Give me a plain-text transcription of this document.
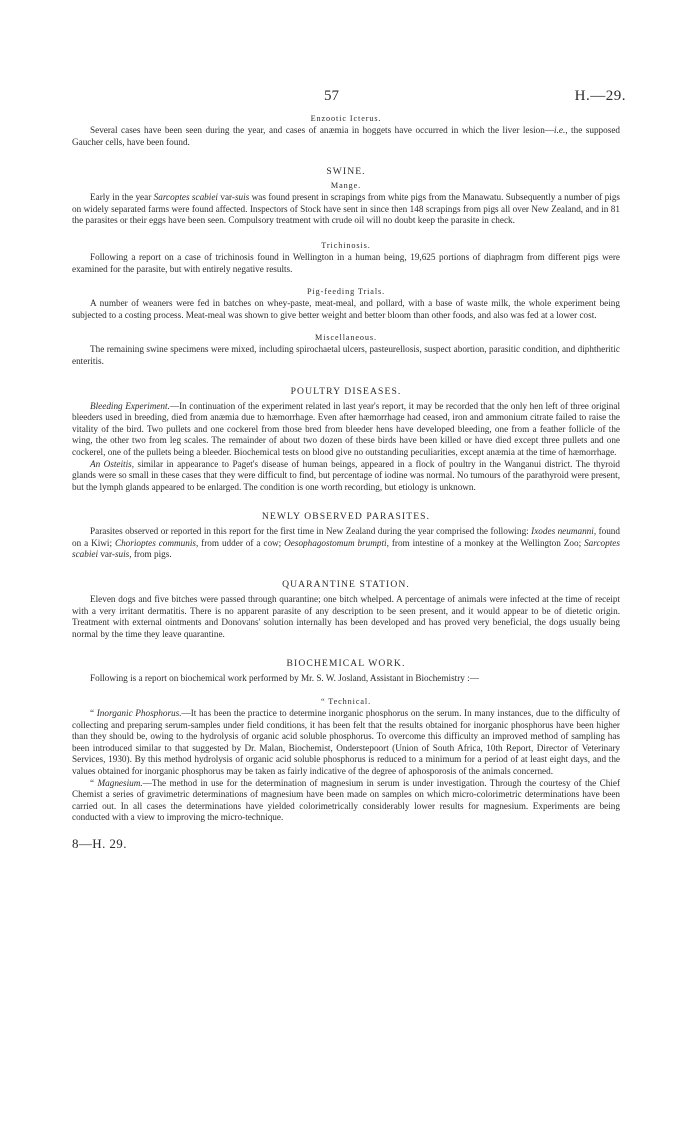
57	H.—29.
Enzootic Icterus.

Several cases have been seen during the year, and cases of anæmia in hoggets have occurred in which the liver lesion—i.e., the supposed Gaucher cells, have been found.

SWINE.
Mange.

Early in the year Sarcoptes scabiei var-suis was found present in scrapings from white pigs from the Manawatu. Subsequently a number of pigs on widely separated farms were found affected. Inspectors of Stock have sent in since then 148 scrapings from pigs all over New Zealand, and in 81 the parasites or their eggs have been seen. Compulsory treatment with crude oil will no doubt keep the parasite in check.

Trichinosis.

Following a report on a case of trichinosis found in Wellington in a human being, 19,625 portions of diaphragm from different pigs were examined for the parasite, but with entirely negative results.

Pig-feeding Trials.

A number of weaners were fed in batches on whey-paste, meat-meal, and pollard, with a base of waste milk, the whole experiment being subjected to a costing process. Meat-meal was shown to give better weight and better bloom than other foods, and also was fed at a lower cost.

Miscellaneous.

The remaining swine specimens were mixed, including spirochaetal ulcers, pasteurellosis, suspect abortion, parasitic condition, and diphtheritic enteritis.

POULTRY DISEASES.

Bleeding Experiment.—In continuation of the experiment related in last year's report, it may be recorded that the only hen left of three original bleeders used in breeding, died from anæmia due to hæmorrhage. Even after hæmorrhage had ceased, iron and ammonium citrate failed to raise the vitality of the bird. Two pullets and one cockerel from those bred from bleeder hens have developed bleeding, one from a feather follicle of the wing, the other two from leg scales. The remainder of about two dozen of these birds have been killed or have died except three pullets and one cockerel, one of the pullets being a bleeder. Biochemical tests on blood give no outstanding peculiarities, except anæmia at the time of hæmorrhage.

An Osteitis, similar in appearance to Paget's disease of human beings, appeared in a flock of poultry in the Wanganui district. The thyroid glands were so small in these cases that they were difficult to find, but percentage of iodine was normal. No tumours of the parathyroid were present, but the lymph glands appeared to be enlarged. The condition is one worth recording, but etiology is unknown.

NEWLY OBSERVED PARASITES.

Parasites observed or reported in this report for the first time in New Zealand during the year comprised the following: Ixodes neumanni, found on a Kiwi; Chorioptes communis, from udder of a cow; Oesophagostomum brumpti, from intestine of a monkey at the Wellington Zoo; Sarcoptes scabiei var-suis, from pigs.

QUARANTINE STATION.

Eleven dogs and five bitches were passed through quarantine; one bitch whelped. A percentage of animals were infected at the time of receipt with a very irritant dermatitis. There is no apparent parasite of any description to be seen present, and it would appear to be of dietetic origin. Treatment with external ointments and Donovans' solution internally has been developed and has proved very beneficial, the dogs usually being normal by the time they leave quarantine.

BIOCHEMICAL WORK.

Following is a report on biochemical work performed by Mr. S. W. Josland, Assistant in Biochemistry :—

“ Technical.

“ Inorganic Phosphorus.—It has been the practice to determine inorganic phosphorus on the serum. In many instances, due to the difficulty of collecting and preparing serum-samples under field conditions, it has been felt that the results obtained for inorganic phosphorus have been higher than they should be, owing to the hydrolysis of organic acid soluble phosphorus. To overcome this difficulty an improved method of sampling has been introduced similar to that suggested by Dr. Malan, Biochemist, Onderstepoort (Union of South Africa, 10th Report, Director of Veterinary Services, 1930). By this method hydrolysis of organic acid soluble phosphorus is reduced to a minimum for a period of at least eight days, and the values obtained for inorganic phosphorus may be taken as fairly indicative of the degree of aphosporosis of the animals concerned.

“ Magnesium.—The method in use for the determination of magnesium in serum is under investigation. Through the courtesy of the Chief Chemist a series of gravimetric determinations of magnesium have been made on samples on which micro-colorimetric determinations have been carried out. In all cases the determinations have yielded colorimetrically considerably lower results for magnesium. Experiments are being conducted with a view to improving the micro-technique.

8—H. 29.
